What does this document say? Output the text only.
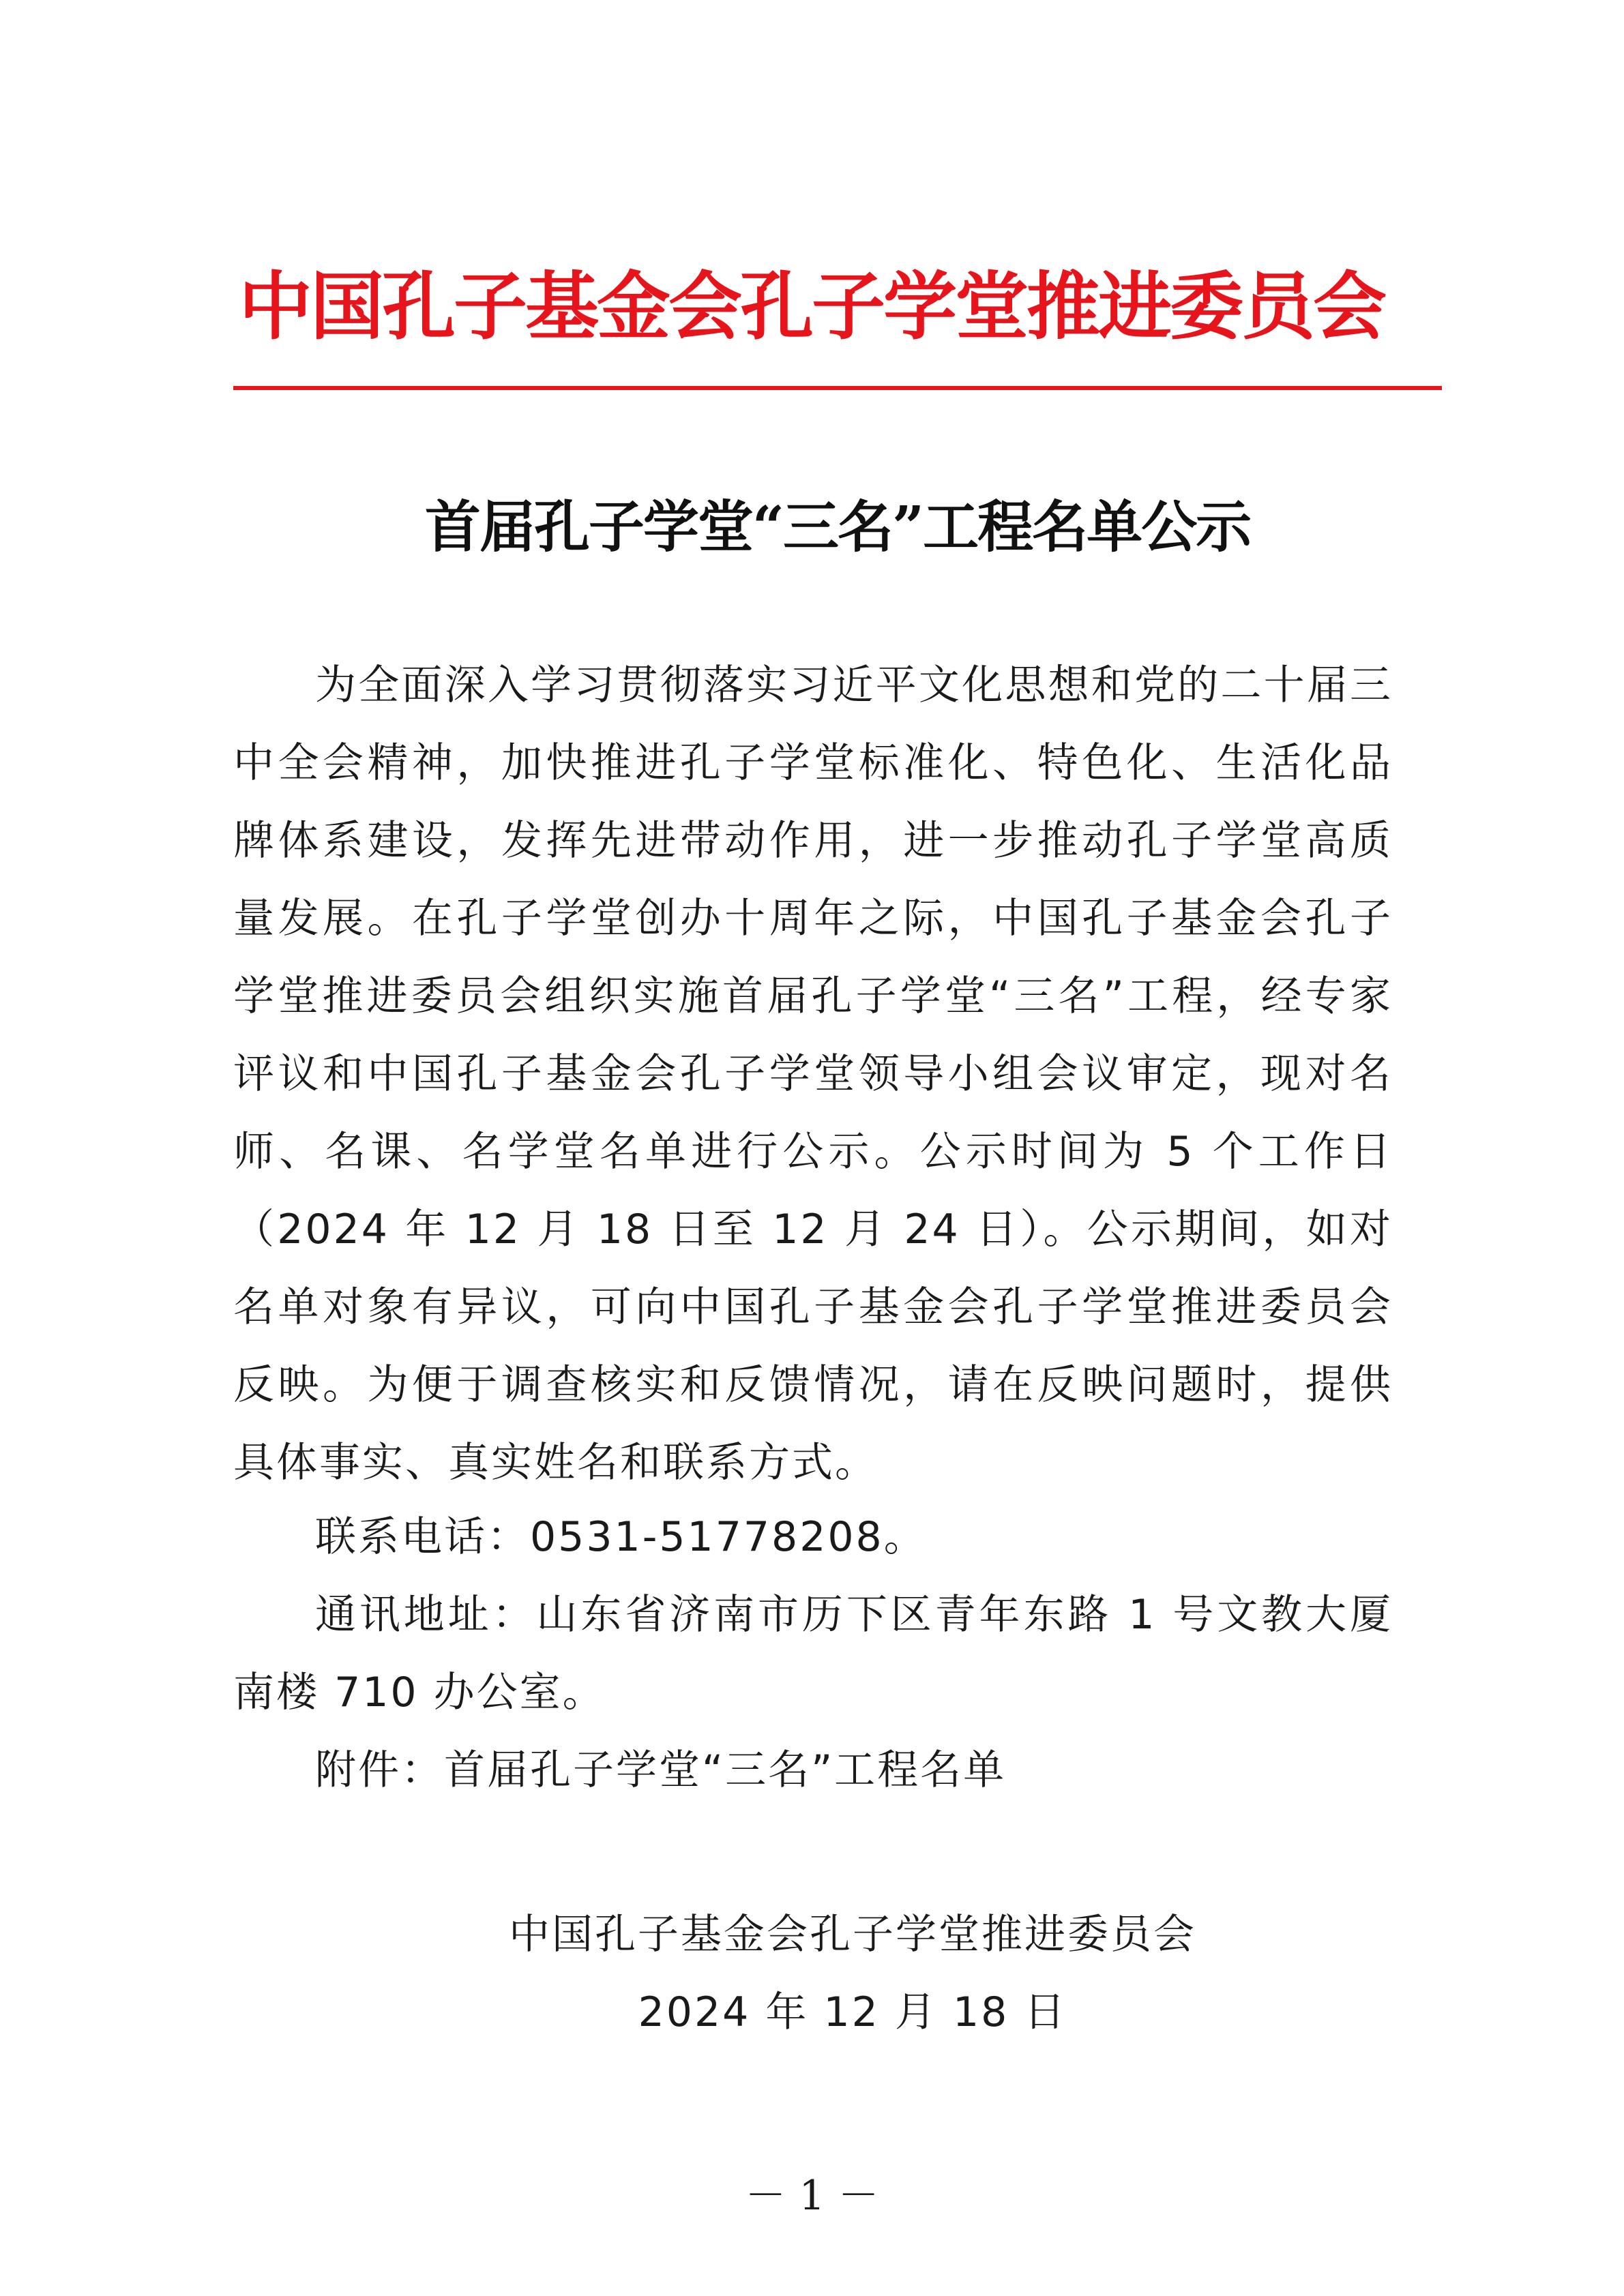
中国孔子基金会孔子学堂推进委员会
首届孔子学堂“三名”工程名单公示
为全面深入学习贯彻落实习近平文化思想和党的二十届三中全会精神，加快推进孔子学堂标准化、特色化、生活化品牌体系建设，发挥先进带动作用，进一步推动孔子学堂高质量发展。在孔子学堂创办十周年之际，中国孔子基金会孔子学堂推进委员会组织实施首届孔子学堂“三名”工程，经专家评议和中国孔子基金会孔子学堂领导小组会议审定，现对名师、名课、名学堂名单进行公示。公示时间为 5 个工作日（2024 年 12 月 18 日至 12 月 24 日）。公示期间，如对名单对象有异议，可向中国孔子基金会孔子学堂推进委员会反映。为便于调查核实和反馈情况，请在反映问题时，提供具体事实、真实姓名和联系方式。
联系电话：0531-51778208。
通讯地址：山东省济南市历下区青年东路 1 号文教大厦南楼 710 办公室。
附件：首届孔子学堂“三名”工程名单
中国孔子基金会孔子学堂推进委员会
2024 年 12 月 18 日
－ 1 －
